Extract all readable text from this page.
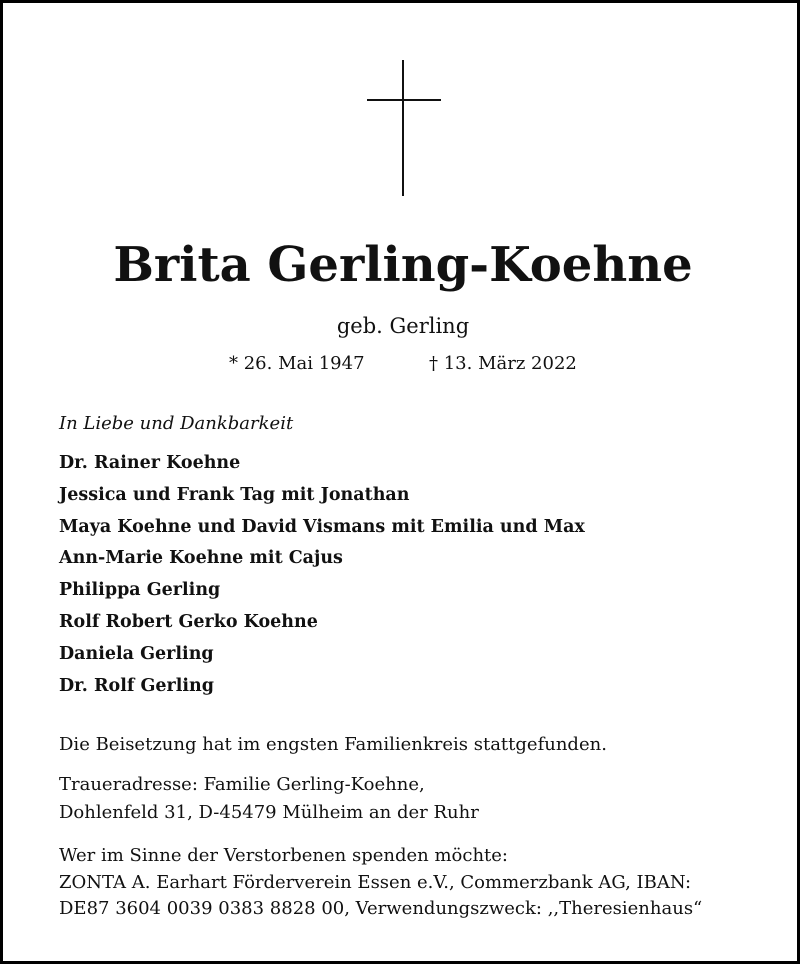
Brita Gerling-Koehne
geb. Gerling
* 26. Mai 1947	† 13. März 2022
In Liebe und Dankbarkeit
Dr. Rainer Koehne
Jessica und Frank Tag mit Jonathan
Maya Koehne und David Vismans mit Emilia und Max
Ann-Marie Koehne mit Cajus
Philippa Gerling
Rolf Robert Gerko Koehne
Daniela Gerling
Dr. Rolf Gerling
Die Beisetzung hat im engsten Familienkreis stattgefunden.
Traueradresse: Familie Gerling-Koehne,
Dohlenfeld 31, D-45479 Mülheim an der Ruhr
Wer im Sinne der Verstorbenen spenden möchte:
ZONTA A. Earhart Förderverein Essen e.V., Commerzbank AG, IBAN:
DE87 3604 0039 0383 8828 00, Verwendungszweck: ,,Theresienhaus“
